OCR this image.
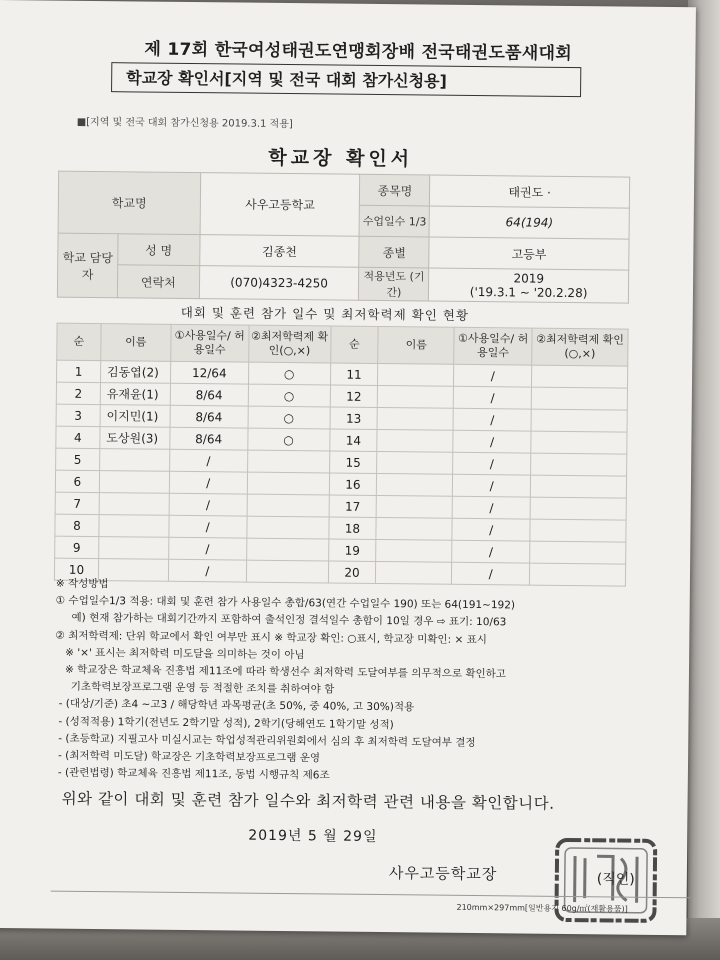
제 17회 한국여성태권도연맹회장배 전국태권도품새대회
학교장 확인서[지역 및 전국 대회 참가신청용]
■[지역 및 전국 대회 참가신청용 2019.3.1 적용]
학교장 확인서
학교명		사우고등학교	종목명	태권도 ·
			수업일수 1/3	64(194)
학교 담당자	성 명	김종천	종별	고등부
	연락처	(070)4323-4250	적용년도 (기간)	2019
('19.3.1 ~ '20.2.28)
대회 및 훈련 참가 일수 및 최저학력제 확인 현황
순	이름	①사용일수/ 허용일수	②최저학력제 확인(○,×)	순	이름	①사용일수/ 허용일수	②최저학력제 확인(○,×)
1	김동엽(2)	12/64	○	11		/	
2	유재윤(1)	8/64	○	12		/	
3	이지민(1)	8/64	○	13		/	
4	도상원(3)	8/64	○	14		/	
5		/		15		/	
6		/		16		/	
7		/		17		/	
8		/		18		/	
9		/		19		/	
10		/		20		/	
※ 작성방법
① 수업일수1/3 적용: 대회 및 훈련 참가 사용일수 총합/63(연간 수업일수 190) 또는 64(191~192)
예) 현재 참가하는 대회기간까지 포함하여 출석인정 결석일수 총합이 10일 경우 ⇨ 표기: 10/63
② 최저학력제: 단위 학교에서 확인 여부만 표시 ※ 학교장 확인: ○표시, 학교장 미확인: × 표시
※ '×' 표시는 최저학력 미도달을 의미하는 것이 아님
※ 학교장은 학교체육 진흥법 제11조에 따라 학생선수 최저학력 도달여부를 의무적으로 확인하고
기초학력보장프로그램 운영 등 적절한 조치를 취하여야 함
- (대상/기준) 초4 ~고3 / 해당학년 과목평균(초 50%, 중 40%, 고 30%)적용
- (성적적용) 1학기(전년도 2학기말 성적), 2학기(당해연도 1학기말 성적)
- (초등학교) 지필고사 미실시교는 학업성적관리위원회에서 심의 후 최저학력 도달여부 결정
- (최저학력 미도달) 학교장은 기초학력보장프로그램 운영
- (관련법령) 학교체육 진흥법 제11조, 동법 시행규칙 제6조
위와 같이 대회 및 훈련 참가 일수와 최저학력 관련 내용을 확인합니다.
2019년 5 월 29일
사우고등학교장	(직인)
210mm×297mm[일반용지 60g/㎡(재활용품)]
